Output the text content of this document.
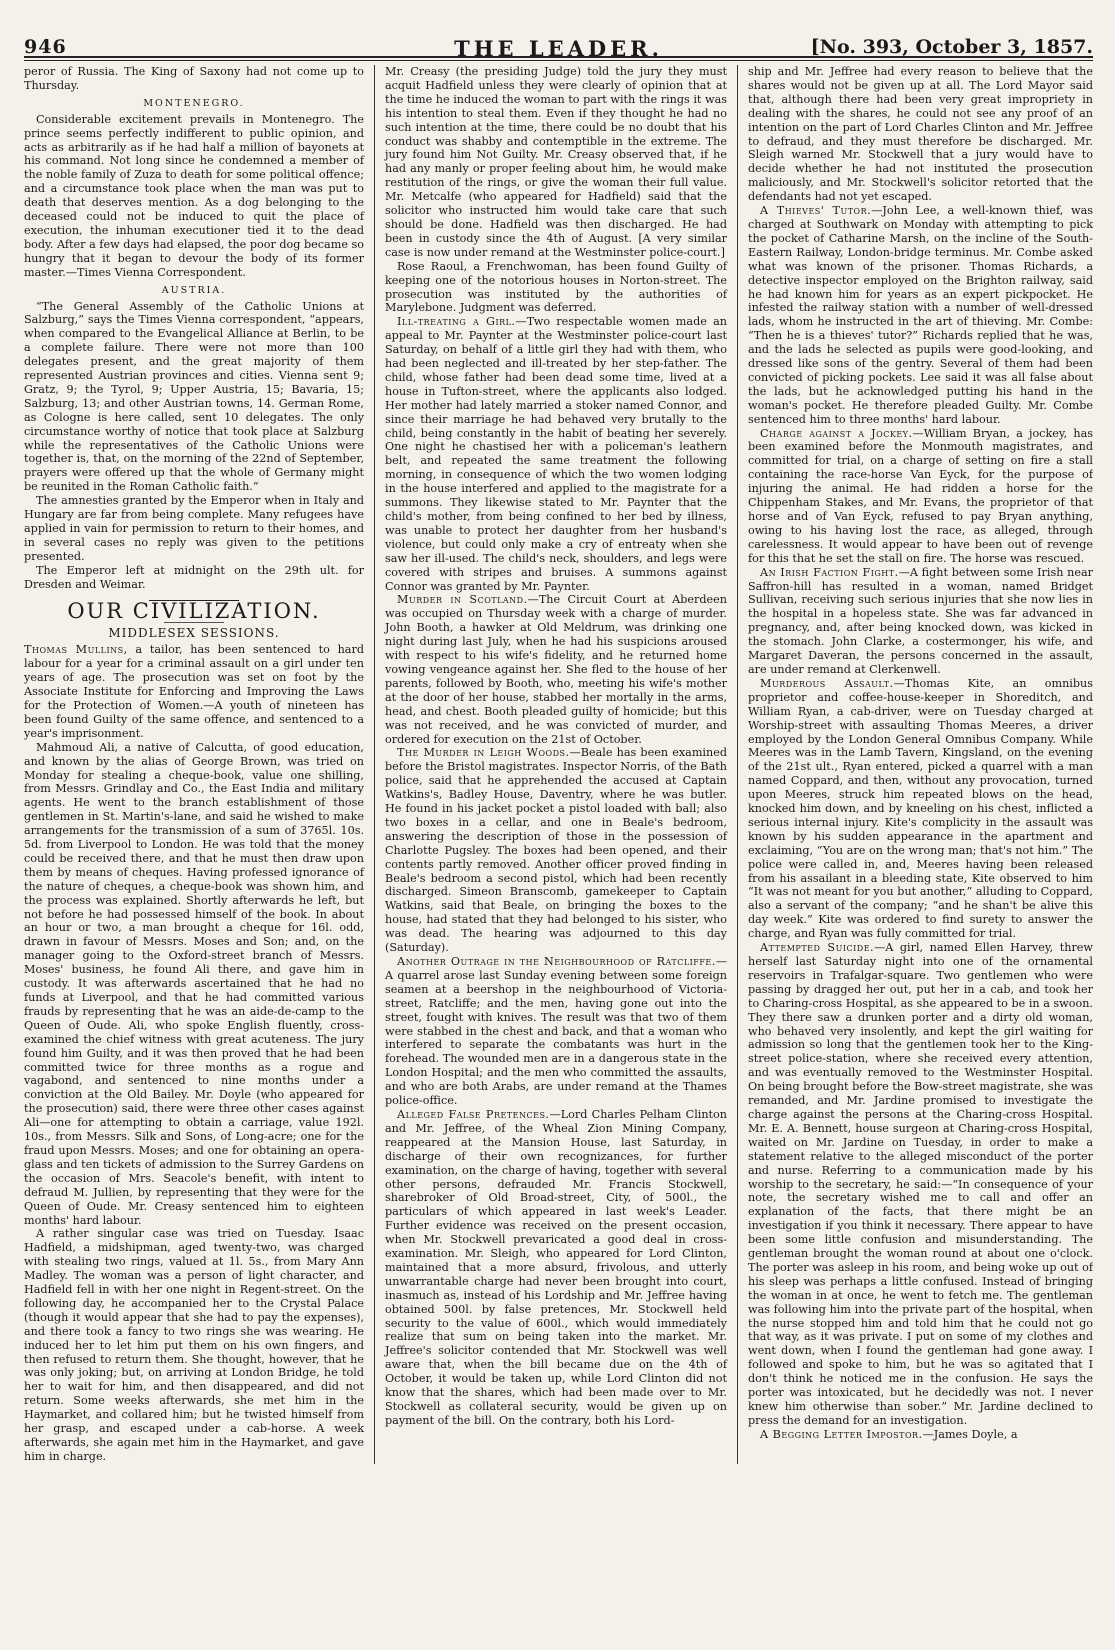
946	THE LEADER.	[No. 393, October 3, 1857.

peror of Russia. The King of Saxony had not come up to Thursday.

MONTENEGRO.

Considerable excitement prevails in Montenegro. The prince seems perfectly indifferent to public opinion, and acts as arbitrarily as if he had half a million of bayonets at his command. Not long since he condemned a member of the noble family of Zuza to death for some political offence; and a circumstance took place when the man was put to death that deserves mention. As a dog belonging to the deceased could not be induced to quit the place of execution, the inhuman executioner tied it to the dead body. After a few days had elapsed, the poor dog became so hungry that it began to devour the body of its former master.—Times Vienna Correspondent.

AUSTRIA.

“The General Assembly of the Catholic Unions at Salzburg,” says the Times Vienna correspondent, “appears, when compared to the Evangelical Alliance at Berlin, to be a complete failure. There were not more than 100 delegates present, and the great majority of them represented Austrian provinces and cities. Vienna sent 9; Gratz, 9; the Tyrol, 9; Upper Austria, 15; Bavaria, 15; Salzburg, 13; and other Austrian towns, 14. German Rome, as Cologne is here called, sent 10 delegates. The only circumstance worthy of notice that took place at Salzburg while the representatives of the Catholic Unions were together is, that, on the morning of the 22nd of September, prayers were offered up that the whole of Germany might be reunited in the Roman Catholic faith.”

The amnesties granted by the Emperor when in Italy and Hungary are far from being complete. Many refugees have applied in vain for permission to return to their homes, and in several cases no reply was given to the petitions presented.

The Emperor left at midnight on the 29th ult. for Dresden and Weimar.

OUR CIVILIZATION.
MIDDLESEX SESSIONS.

Thomas Mullins, a tailor, has been sentenced to hard labour for a year for a criminal assault on a girl under ten years of age. The prosecution was set on foot by the Associate Institute for Enforcing and Improving the Laws for the Protection of Women.—A youth of nineteen has been found Guilty of the same offence, and sentenced to a year's imprisonment.

Mahmoud Ali, a native of Calcutta, of good education, and known by the alias of George Brown, was tried on Monday for stealing a cheque-book, value one shilling, from Messrs. Grindlay and Co., the East India and military agents. He went to the branch establishment of those gentlemen in St. Martin's-lane, and said he wished to make arrangements for the transmission of a sum of 3765l. 10s. 5d. from Liverpool to London. He was told that the money could be received there, and that he must then draw upon them by means of cheques. Having professed ignorance of the nature of cheques, a cheque-book was shown him, and the process was explained. Shortly afterwards he left, but not before he had possessed himself of the book. In about an hour or two, a man brought a cheque for 16l. odd, drawn in favour of Messrs. Moses and Son; and, on the manager going to the Oxford-street branch of Messrs. Moses' business, he found Ali there, and gave him in custody. It was afterwards ascertained that he had no funds at Liverpool, and that he had committed various frauds by representing that he was an aide-de-camp to the Queen of Oude. Ali, who spoke English fluently, cross-examined the chief witness with great acuteness. The jury found him Guilty, and it was then proved that he had been committed twice for three months as a rogue and vagabond, and sentenced to nine months under a conviction at the Old Bailey. Mr. Doyle (who appeared for the prosecution) said, there were three other cases against Ali—one for attempting to obtain a carriage, value 192l. 10s., from Messrs. Silk and Sons, of Long-acre; one for the fraud upon Messrs. Moses; and one for obtaining an opera-glass and ten tickets of admission to the Surrey Gardens on the occasion of Mrs. Seacole's benefit, with intent to defraud M. Jullien, by representing that they were for the Queen of Oude. Mr. Creasy sentenced him to eighteen months' hard labour.

A rather singular case was tried on Tuesday. Isaac Hadfield, a midshipman, aged twenty-two, was charged with stealing two rings, valued at 1l. 5s., from Mary Ann Madley. The woman was a person of light character, and Hadfield fell in with her one night in Regent-street. On the following day, he accompanied her to the Crystal Palace (though it would appear that she had to pay the expenses), and there took a fancy to two rings she was wearing. He induced her to let him put them on his own fingers, and then refused to return them. She thought, however, that he was only joking; but, on arriving at London Bridge, he told her to wait for him, and then disappeared, and did not return. Some weeks afterwards, she met him in the Haymarket, and collared him; but he twisted himself from her grasp, and escaped under a cab-horse. A week afterwards, she again met him in the Haymarket, and gave him in charge.

Mr. Creasy (the presiding Judge) told the jury they must acquit Hadfield unless they were clearly of opinion that at the time he induced the woman to part with the rings it was his intention to steal them. Even if they thought he had no such intention at the time, there could be no doubt that his conduct was shabby and contemptible in the extreme. The jury found him Not Guilty. Mr. Creasy observed that, if he had any manly or proper feeling about him, he would make restitution of the rings, or give the woman their full value. Mr. Metcalfe (who appeared for Hadfield) said that the solicitor who instructed him would take care that such should be done. Hadfield was then discharged. He had been in custody since the 4th of August. [A very similar case is now under remand at the Westminster police-court.]

Rose Raoul, a Frenchwoman, has been found Guilty of keeping one of the notorious houses in Norton-street. The prosecution was instituted by the authorities of Marylebone. Judgment was deferred.

Ill-treating a Girl.—Two respectable women made an appeal to Mr. Paynter at the Westminster police-court last Saturday, on behalf of a little girl they had with them, who had been neglected and ill-treated by her step-father. The child, whose father had been dead some time, lived at a house in Tufton-street, where the applicants also lodged. Her mother had lately married a stoker named Connor, and since their marriage he had behaved very brutally to the child, being constantly in the habit of beating her severely. One night he chastised her with a policeman's leathern belt, and repeated the same treatment the following morning, in consequence of which the two women lodging in the house interfered and applied to the magistrate for a summons. They likewise stated to Mr. Paynter that the child's mother, from being confined to her bed by illness, was unable to protect her daughter from her husband's violence, but could only make a cry of entreaty when she saw her ill-used. The child's neck, shoulders, and legs were covered with stripes and bruises. A summons against Connor was granted by Mr. Paynter.

Murder in Scotland.—The Circuit Court at Aberdeen was occupied on Thursday week with a charge of murder. John Booth, a hawker at Old Meldrum, was drinking one night during last July, when he had his suspicions aroused with respect to his wife's fidelity, and he returned home vowing vengeance against her. She fled to the house of her parents, followed by Booth, who, meeting his wife's mother at the door of her house, stabbed her mortally in the arms, head, and chest. Booth pleaded guilty of homicide; but this was not received, and he was convicted of murder, and ordered for execution on the 21st of October.

The Murder in Leigh Woods.—Beale has been examined before the Bristol magistrates. Inspector Norris, of the Bath police, said that he apprehended the accused at Captain Watkins's, Badley House, Daventry, where he was butler. He found in his jacket pocket a pistol loaded with ball; also two boxes in a cellar, and one in Beale's bedroom, answering the description of those in the possession of Charlotte Pugsley. The boxes had been opened, and their contents partly removed. Another officer proved finding in Beale's bedroom a second pistol, which had been recently discharged. Simeon Branscomb, gamekeeper to Captain Watkins, said that Beale, on bringing the boxes to the house, had stated that they had belonged to his sister, who was dead. The hearing was adjourned to this day (Saturday).

Another Outrage in the Neighbourhood of Ratcliffe.—A quarrel arose last Sunday evening between some foreign seamen at a beershop in the neighbourhood of Victoria-street, Ratcliffe; and the men, having gone out into the street, fought with knives. The result was that two of them were stabbed in the chest and back, and that a woman who interfered to separate the combatants was hurt in the forehead. The wounded men are in a dangerous state in the London Hospital; and the men who committed the assaults, and who are both Arabs, are under remand at the Thames police-office.

Alleged False Pretences.—Lord Charles Pelham Clinton and Mr. Jeffree, of the Wheal Zion Mining Company, reappeared at the Mansion House, last Saturday, in discharge of their own recognizances, for further examination, on the charge of having, together with several other persons, defrauded Mr. Francis Stockwell, sharebroker of Old Broad-street, City, of 500l., the particulars of which appeared in last week's Leader. Further evidence was received on the present occasion, when Mr. Stockwell prevaricated a good deal in cross-examination. Mr. Sleigh, who appeared for Lord Clinton, maintained that a more absurd, frivolous, and utterly unwarrantable charge had never been brought into court, inasmuch as, instead of his Lordship and Mr. Jeffree having obtained 500l. by false pretences, Mr. Stockwell held security to the value of 600l., which would immediately realize that sum on being taken into the market. Mr. Jeffree's solicitor contended that Mr. Stockwell was well aware that, when the bill became due on the 4th of October, it would be taken up, while Lord Clinton did not know that the shares, which had been made over to Mr. Stockwell as collateral security, would be given up on payment of the bill. On the contrary, both his Lord-

ship and Mr. Jeffree had every reason to believe that the shares would not be given up at all. The Lord Mayor said that, although there had been very great impropriety in dealing with the shares, he could not see any proof of an intention on the part of Lord Charles Clinton and Mr. Jeffree to defraud, and they must therefore be discharged. Mr. Sleigh warned Mr. Stockwell that a jury would have to decide whether he had not instituted the prosecution maliciously, and Mr. Stockwell's solicitor retorted that the defendants had not yet escaped.

A Thieves' Tutor.—John Lee, a well-known thief, was charged at Southwark on Monday with attempting to pick the pocket of Catharine Marsh, on the incline of the South-Eastern Railway, London-bridge terminus. Mr. Combe asked what was known of the prisoner. Thomas Richards, a detective inspector employed on the Brighton railway, said he had known him for years as an expert pickpocket. He infested the railway station with a number of well-dressed lads, whom he instructed in the art of thieving. Mr. Combe: “Then he is a thieves' tutor?” Richards replied that he was, and the lads he selected as pupils were good-looking, and dressed like sons of the gentry. Several of them had been convicted of picking pockets. Lee said it was all false about the lads, but he acknowledged putting his hand in the woman's pocket. He therefore pleaded Guilty. Mr. Combe sentenced him to three months' hard labour.

Charge against a Jockey.—William Bryan, a jockey, has been examined before the Monmouth magistrates, and committed for trial, on a charge of setting on fire a stall containing the race-horse Van Eyck, for the purpose of injuring the animal. He had ridden a horse for the Chippenham Stakes, and Mr. Evans, the proprietor of that horse and of Van Eyck, refused to pay Bryan anything, owing to his having lost the race, as alleged, through carelessness. It would appear to have been out of revenge for this that he set the stall on fire. The horse was rescued.

An Irish Faction Fight.—A fight between some Irish near Saffron-hill has resulted in a woman, named Bridget Sullivan, receiving such serious injuries that she now lies in the hospital in a hopeless state. She was far advanced in pregnancy, and, after being knocked down, was kicked in the stomach. John Clarke, a costermonger, his wife, and Margaret Daveran, the persons concerned in the assault, are under remand at Clerkenwell.

Murderous Assault.—Thomas Kite, an omnibus proprietor and coffee-house-keeper in Shoreditch, and William Ryan, a cab-driver, were on Tuesday charged at Worship-street with assaulting Thomas Meeres, a driver employed by the London General Omnibus Company. While Meeres was in the Lamb Tavern, Kingsland, on the evening of the 21st ult., Ryan entered, picked a quarrel with a man named Coppard, and then, without any provocation, turned upon Meeres, struck him repeated blows on the head, knocked him down, and by kneeling on his chest, inflicted a serious internal injury. Kite's complicity in the assault was known by his sudden appearance in the apartment and exclaiming, “You are on the wrong man; that's not him.” The police were called in, and, Meeres having been released from his assailant in a bleeding state, Kite observed to him “It was not meant for you but another,” alluding to Coppard, also a servant of the company; “and he shan't be alive this day week.” Kite was ordered to find surety to answer the charge, and Ryan was fully committed for trial.

Attempted Suicide.—A girl, named Ellen Harvey, threw herself last Saturday night into one of the ornamental reservoirs in Trafalgar-square. Two gentlemen who were passing by dragged her out, put her in a cab, and took her to Charing-cross Hospital, as she appeared to be in a swoon. They there saw a drunken porter and a dirty old woman, who behaved very insolently, and kept the girl waiting for admission so long that the gentlemen took her to the King-street police-station, where she received every attention, and was eventually removed to the Westminster Hospital. On being brought before the Bow-street magistrate, she was remanded, and Mr. Jardine promised to investigate the charge against the persons at the Charing-cross Hospital. Mr. E. A. Bennett, house surgeon at Charing-cross Hospital, waited on Mr. Jardine on Tuesday, in order to make a statement relative to the alleged misconduct of the porter and nurse. Referring to a communication made by his worship to the secretary, he said:—“In consequence of your note, the secretary wished me to call and offer an explanation of the facts, that there might be an investigation if you think it necessary. There appear to have been some little confusion and misunderstanding. The gentleman brought the woman round at about one o'clock. The porter was asleep in his room, and being woke up out of his sleep was perhaps a little confused. Instead of bringing the woman in at once, he went to fetch me. The gentleman was following him into the private part of the hospital, when the nurse stopped him and told him that he could not go that way, as it was private. I put on some of my clothes and went down, when I found the gentleman had gone away. I followed and spoke to him, but he was so agitated that I don't think he noticed me in the confusion. He says the porter was intoxicated, but he decidedly was not. I never knew him otherwise than sober.” Mr. Jardine declined to press the demand for an investigation.

A Begging Letter Impostor.—James Doyle, a
